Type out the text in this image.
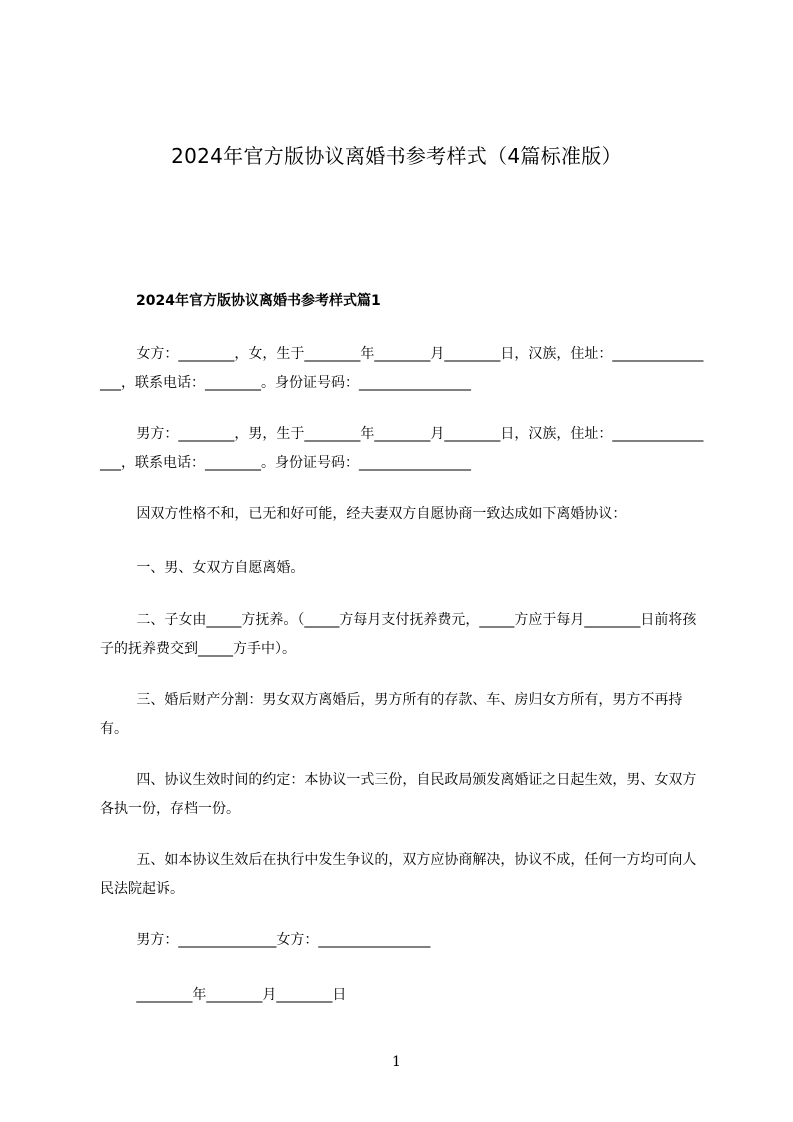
2024年官方版协议离婚书参考样式（4篇标准版）
2024年官方版协议离婚书参考样式篇1

女方：________，女，生于________年________月________日，汉族，住址：________________，联系电话：________。身份证号码：________________

男方：________，男，生于________年________月________日，汉族，住址：________________，联系电话：________。身份证号码：________________

因双方性格不和，已无和好可能，经夫妻双方自愿协商一致达成如下离婚协议：

一、男、女双方自愿离婚。

二、子女由_____方抚养。（_____方每月支付抚养费元，_____方应于每月________日前将孩子的抚养费交到_____方手中）。

三、婚后财产分割：男女双方离婚后，男方所有的存款、车、房归女方所有，男方不再持有。

四、协议生效时间的约定：本协议一式三份，自民政局颁发离婚证之日起生效，男、女双方各执一份，存档一份。

五、如本协议生效后在执行中发生争议的，双方应协商解决，协议不成，任何一方均可向人民法院起诉。

男方：______________女方：________________

________年________月________日

1
